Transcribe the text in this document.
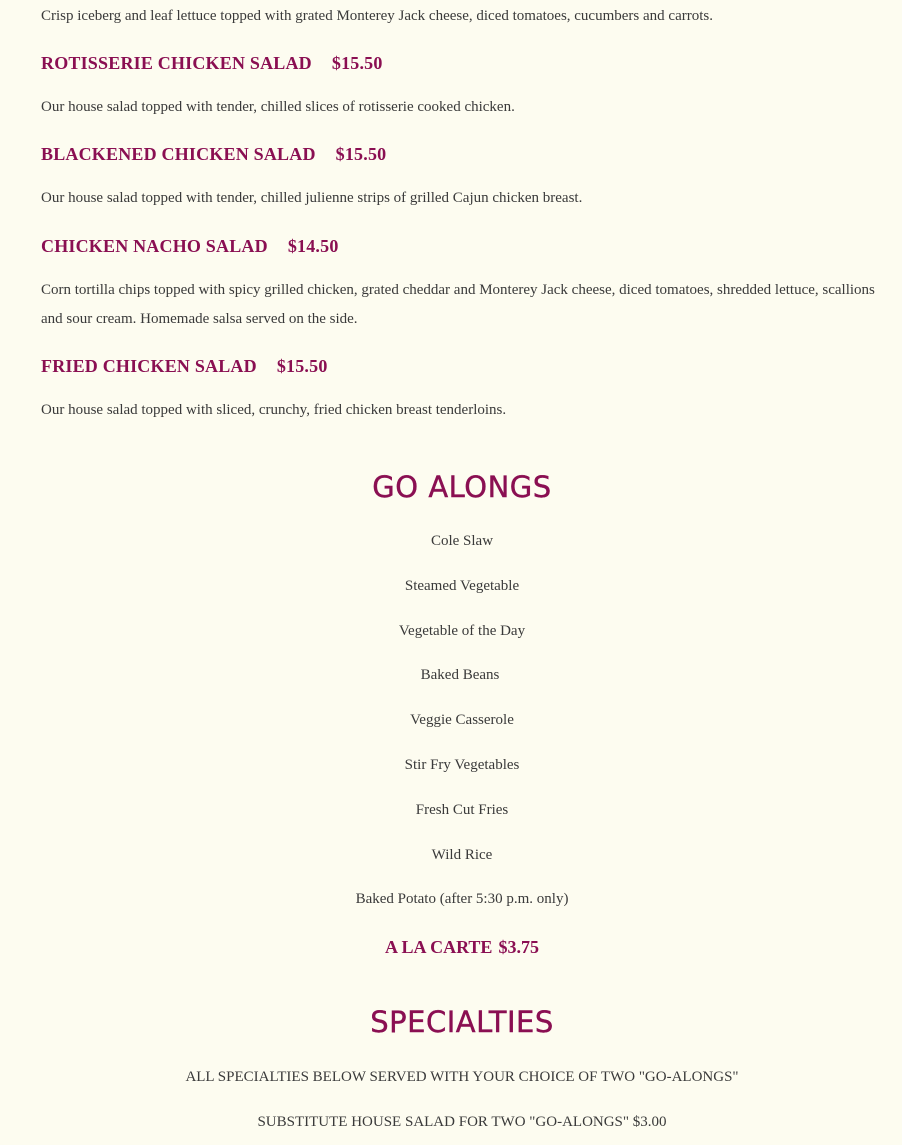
Crisp iceberg and leaf lettuce topped with grated Monterey Jack cheese, diced tomatoes, cucumbers and carrots.

ROTISSERIE CHICKEN SALAD $15.50

Our house salad topped with tender, chilled slices of rotisserie cooked chicken.

BLACKENED CHICKEN SALAD $15.50

Our house salad topped with tender, chilled julienne strips of grilled Cajun chicken breast.

CHICKEN NACHO SALAD $14.50

Corn tortilla chips topped with spicy grilled chicken, grated cheddar and Monterey Jack cheese, diced tomatoes, shredded lettuce, scallions and sour cream. Homemade salsa served on the side.

FRIED CHICKEN SALAD $15.50

Our house salad topped with sliced, crunchy, fried chicken breast tenderloins.

GO ALONGS

Cole Slaw

Steamed Vegetable

Vegetable of the Day

Baked Beans

Veggie Casserole

Stir Fry Vegetables

Fresh Cut Fries

Wild Rice

Baked Potato (after 5:30 p.m. only)

A LA CARTE $3.75

SPECIALTIES

ALL SPECIALTIES BELOW SERVED WITH YOUR CHOICE OF TWO "GO-ALONGS"

SUBSTITUTE HOUSE SALAD FOR TWO "GO-ALONGS" $3.00
